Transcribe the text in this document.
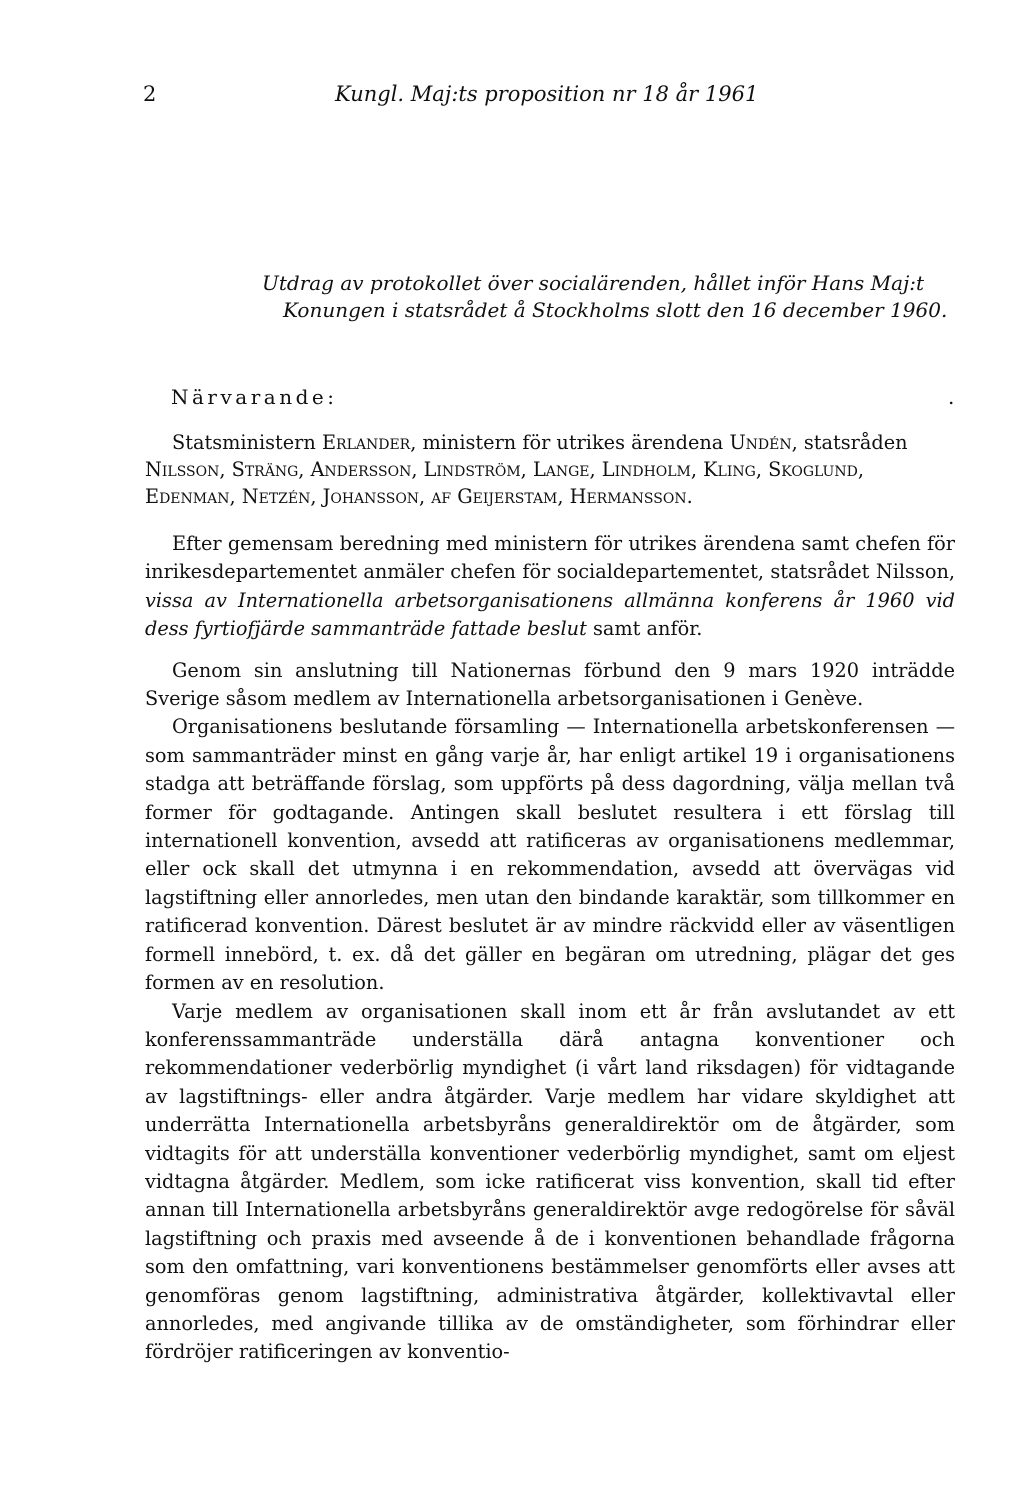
2	Kungl. Maj:ts proposition nr 18 år 1961
Utdrag av protokollet över socialärenden, hållet inför Hans Maj:t Konungen i statsrådet å Stockholms slott den 16 december 1960.
Närvarande:	.
Statsministern Erlander, ministern för utrikes ärendena Undén, statsråden Nilsson, Sträng, Andersson, Lindström, Lange, Lindholm, Kling, Skoglund, Edenman, Netzén, Johansson, af Geijerstam, Hermansson.

Efter gemensam beredning med ministern för utrikes ärendena samt chefen för inrikesdepartementet anmäler chefen för socialdepartementet, statsrådet Nilsson, vissa av Internationella arbetsorganisationens allmänna konferens år 1960 vid dess fyrtiofjärde sammanträde fattade beslut samt anför.

Genom sin anslutning till Nationernas förbund den 9 mars 1920 inträdde Sverige såsom medlem av Internationella arbetsorganisationen i Genève.

Organisationens beslutande församling — Internationella arbetskonferensen — som sammanträder minst en gång varje år, har enligt artikel 19 i organisationens stadga att beträffande förslag, som uppförts på dess dagordning, välja mellan två former för godtagande. Antingen skall beslutet resultera i ett förslag till internationell konvention, avsedd att ratificeras av organisationens medlemmar, eller ock skall det utmynna i en rekommendation, avsedd att övervägas vid lagstiftning eller annorledes, men utan den bindande karaktär, som tillkommer en ratificerad konvention. Därest beslutet är av mindre räckvidd eller av väsentligen formell innebörd, t. ex. då det gäller en begäran om utredning, plägar det ges formen av en resolution.

Varje medlem av organisationen skall inom ett år från avslutandet av ett konferenssammanträde underställa därå antagna konventioner och rekommendationer vederbörlig myndighet (i vårt land riksdagen) för vidtagande av lagstiftnings- eller andra åtgärder. Varje medlem har vidare skyldighet att underrätta Internationella arbetsbyråns generaldirektör om de åtgärder, som vidtagits för att underställa konventioner vederbörlig myndighet, samt om eljest vidtagna åtgärder. Medlem, som icke ratificerat viss konvention, skall tid efter annan till Internationella arbetsbyråns generaldirektör avge redogörelse för såväl lagstiftning och praxis med avseende å de i konventionen behandlade frågorna som den omfattning, vari konventionens bestämmelser genomförts eller avses att genomföras genom lagstiftning, administrativa åtgärder, kollektivavtal eller annorledes, med angivande tillika av de omständigheter, som förhindrar eller fördröjer ratificeringen av konventio-
